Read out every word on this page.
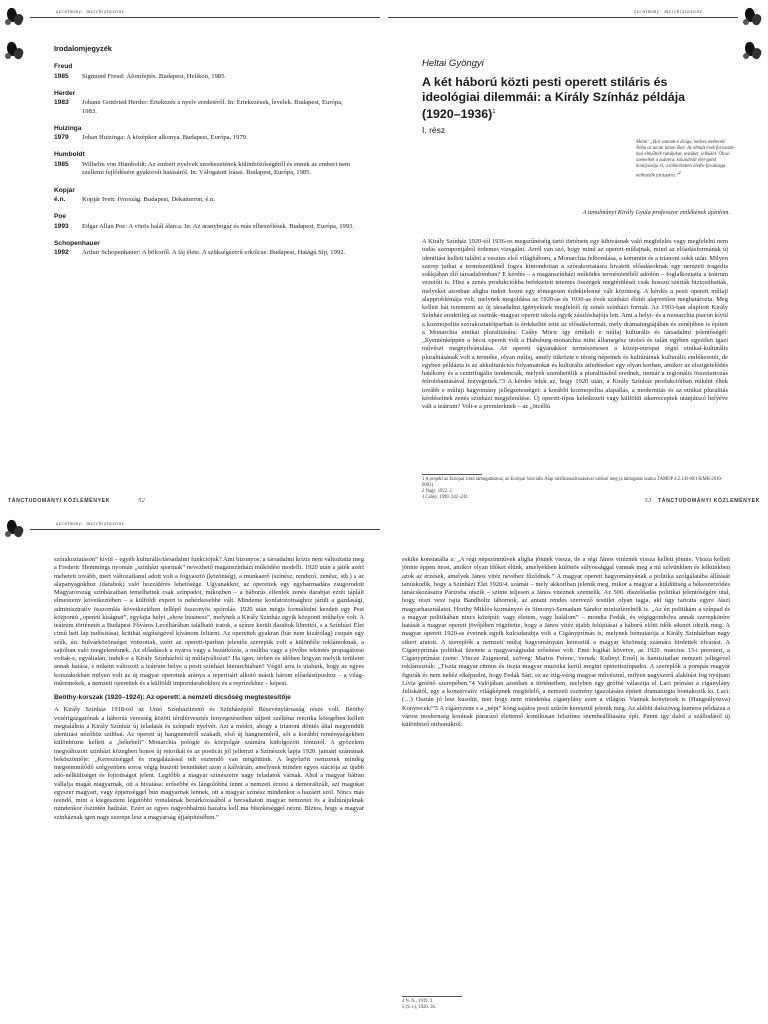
szcnlmmy: mzicbiztazonz
Irodalomjegyzék
Freud
1985	Sigmund Freud: Álomfejtés. Budapest, Helikon, 1985.
Herder
1983	Johann Gottfried Herder: Értekezés a nyelv eredetéről. In: Értekezések, levelek. Budapest, Európa, 1983.
Huizinga
1979	Johan Huizinga: A középkor alkonya. Budapest, Európa, 1979.
Humboldt
1985	Wilhelm von Humboldt: Az emberi nyelvek szerkezetének különbözőségéről és ennek az emberi nem szellemi fejlődésére gyakorolt hatásáról. In: Válogatott írásai. Budapest, Európa, 1985.
Kopjár
é.n.	Kopjár Ivett: Ivország. Budapest, Dekameron, é.n.
Poe
1993	Edgar Allan Poe: A vörös halál álarca. In: Az aranybogár és más elbeszélések. Budapest, Európa, 1993.
Schopenhauer
1992	Arthur Schopenhauer: A bölcsről. A fáj élete. A szükségszerű erkölcse. Budapest, Hatágú Síp, 1992.
TÁNCTUDOMÁNYI KÖZLEMÉNYEK	52
szcnlmmy: mzicbiztazonz
Heltai Gyöngyi
A két háború közti pesti operett stiláris és ideológiai dilemmái: a Király Színház példája (1920–1936)$^1$
I. rész
Mottó: „Hol vannak-e drága, kedves emberek! Néha az utcán látom őket. Az élmúlt évek forrasztó-mai elnyűtték ruhájukat, testüket, lelküket. Olcsó szemeiket a zsánera, kalandvált élet-gond homlyosítja el, a tönkrétetten életbe faradásga nehezedik járásukra.”$^2$
A tanulmányt Király Gyula professzor emlékének ajánlom.

A Király Színház 1920-tól 1936-os megszűnéséig tartó története egy kihívásnak való megfelelés vagy megfelelni nem tudás szempontjából érdemes vizsgálni. Arról van szó, hogy mind az operett-műfajnak, mind az előadásformának új identitást kellett találni a vesztes első világháború, a Monarchia felbomlása, a kommün és a trianoni sokk után. Milyen szerep juthat a természetüknél fogva kimondottan a szórakoztatásra hivatott előadásoknak egy nemzeti tragédia sokkjában élő társadalomban? E kérdés – a magánszínházi működés természetéből adódón – foglalkoztatta a teátrum vezetőit is. Hisz a zenés produkciókba befektetett tetemes összegek megtérülését csak hosszú szériák biztosíthatták, melyeket azonban aligha tudott hozni egy tömegesen érdektelenné vált közönség. A kérdés a pesti operett műfaji alapproblémája volt, melynek megoldása az 1920-as és 1930-as évek színházi életét alapvetően meghatározta. Meg kellett hát teremteni az új társadalmi igényeknek megfelelő új zenés színházi formát. Az 1903-ban alapított Király Színház eredetileg az osztrák–magyar operett iskola egyik zászlóshajója lett. Ami a helyi- és a monarchia piacon kívül a kozmopolita szórakoztatóiparban is érdekeltté tette az előadásformát, mely dramaturgiájában és zenéjében is épített a Monarchia etnikai pluralitására. Csáky Móric így értékeli e műfaj kulturális és társadalmi jelentőségét: „Ilyenténképpen a bécsi operett volt a Habsburg-monarchia mint államegész utolsó és talán egyben egyetlen igazi művészi megnyilvánulása. Az operett ugyanakkor természetesen a közép-európai régió etnikai-kulturális pluralitásának volt a terméke, olyan műfaj, amely tükrözte e térség népeinek és kultúráinak kulturális emlékezetét, de egyben példázta is az akkulturációs folyamatokat és kulturális átfedéseket egy olyan korban, amikor az elszigetelődés hatékony és a centrifugális tendenciák, melyek szembeötlik a pluralitásból erednek, immár a regionális összetartozás felrobbantásával fenyegettek.”3 A kérdés tehát az, hogy 1920 után, a Király Színház produkcióiban miként éltek tovább e műfaji hagyomány jellegzetességei: a korábbi kozmopolita alapállás, a modernitás és az etnikai pluralitás kérdéseinek zenés színházi megjelenítése. Új operett-típus keletkezett vagy külföldi sikerreceptek utánjátszó helyéve vált a teátrum? Volt-e a premierknek – az „ötcéllú

1 A projekt az Európai Unió támogatásával, az Európai Szociális Alap társfinanszírozásával valósul meg (a támogatás száma TÁMOP 4.2.1/B-09/1/KMR-2010-0003).
2 Nagy, 1922. 2.
3 Csáky, 1999. 242–243.
53 TÁNCTUDOMÁNYI KÖZLEMÉNYEK
szcnlmmy: mzicbiztazonz

szórakoztatáson” kívül – egyéb kulturális/társadalmi funkciójuk? Ami bizonyos: a társadalmi krízis nem változtatta meg a Frederic Hemmings nyomán „színházi sparinak” nevezhető magánszínházi működési modellt. 1920 után a játék azért mehetett tovább, mert változatlanul adott volt a fogyasztó (közönség), a munkaerő (színész, rendező, zenész, stb.) s az alapanyagokhoz (darabok) való hozzáférés lehetősége. Ugyanakkor, az operettek egy egyharmadára zsugorodott Magyarország színházaiban temelhettek csak színpadot, mikozben – a háborús elfenlék zenés darabjai ezrét táplált elmeszenv következtében – a külföldi export is nehézkesebbé vált. Mindeme konfatozottsághoz járult a gazdasági, adminisztratív összomlás következtében fellépő összonyös spórolás. 1920 után mégis formálódni kezdett egy Pest központú „operett kiságnat”, egyfajta helyi „show business”, melynek a Király Színház egyik központi műhelye volt. A teátrum történetét a Budapest Főváros Levéltárában található iratok, a színre került darabok librettói, s a Színházi Élet című heti lap tudósításai, kritikái segítségével kívánom feltárni. Az operettek gyakran (bár nem kizárólag) csupán egy szűk, ún. bulvárközönséget vonzottak, ezért az operett-iparban jelentős szerepük volt a különféle reklámoknak, a sajtóban való megjelenésnek. Az előadások a nyárra vagy a bezárkózás, a múltba vagy a jövőbe tekintés propagátorai voltak-e, egyáltalán, indult-e a Király Színházból új műfajváltozat? Ha igen, térben és időben hogyan melyik területet annak hatása, s miként változott a teátrum helye a pesti színházi hierarchiában? Végül arra is utalunk, hogy az egyes korszakokban milyen volt az új magyar operettek aránya a repertoárt alkotó másik három előadástípushoz – a világ- műremekek, a nemzeti operettek és a külföldi importdarabokhoz és a reprízekhez – képest.

Beöthy-korszak (1920–1924): Az operett: a nemzeti dicsőség megtestesítője

A Király Színház 1918-tól az Unió Színháziizemi és Színházépítő Részvénytársaság része volt. Beöthy vezérigazgatónak a háborús veresség között térülérvesztés fenyegetéseiben sújtott szélténa retorika kötegében kellett megtalálnia a Király Színház új feladatát és színpadi nyelvét. Azt a módot, ahogy a trianoni döntés által megrendült identitást nézőhöz sziltbat. Az operett új hangneméről szakadt, első új hangneméről, sőt a korábbi reménységekben különbözne kellett a „békebeli” Monarchia pológie és közpolgár számára kidolgozott tónustól. A győzelem megváltozott színházi közegben honos új retorikát és az poeticát jól jellemzi a Színészek lapja 1920. januári számának beköszöntője: „Keresztséggel és megalázással telt esztendő van mögöttünk. A legyőzött nemzetek mindég megsemmítődő szégyenben soroa végig huszott bennünket azon a kálvárián, amelynek minden egyes stációja az újabb adó-nélküliséget és fojtottságot jelent. Legfőbb a magyar színészetre nagy feladatok várnak. Ahol a magyar bátran vállalja magát magyarnak, ott a hivatása: erősebbé és lángolóbbá tenni a nemzeti érzést a demoralizált, azt magukat egyszer magyart, vagy éppenséggel bún magyarnak lennek, ott a magyar színész mindenkor a hazáért szól. Nincs más teendő, mint a kiegészteni legutóbbi vonalainak bezárkózásából a becsaltatott magyar nemzetet és a kultúrájuknak mindenkor őszintén hadzást. Ezért az egyes nagyobbalmú hazaira kell ma büszkeséggel nézni. Biztos, hogy a magyar színháznak igen nagy szerepe lesz a magyarság újjáépítésében.”

eskike konstatálta a: „A régi népszínművek aligha jönnek vissza, de a régi János vitéznek vissza kellett jönnie. Vissza kellett jönnie éppen most, amikor olyan időket élünk, amelyekben különös súlyossággal vannak meg a mi szívünkben és lelkünkben azok az érzések, amelyek János vitéz nevéhez fűződnek.” A magyar operett hagyományának a politika szolgálatába állítását tanúskodik, hogy a Színházi Élet 1920/4. számát – mely akkoriban jelenik meg, mikor a magyar a küldöttség a békeszerződés tanácskozásaira Párizsba utazik – szinte teljesen a János vitéznek szentelik. Az 500. díszelőadás politikai jelentőségére utal, hogy részt vesz rajta Bandholtz tábornok, az antant rendes szervező testület olyan tagja, aki úgy tartotta egyre Jászi magyarhasználatot, Horthy Miklós kormányzó és Simonyi-Semadam Sándor miniszterelnök is. „Az én politikám a színpad és a magyar politikában nincs középút: vagy életem, vagy halálom” – mondta Fedák, és végiggondolva annak szerepkörére hatását a magyar operett jövőjében rögzítette, hogy a János vitéz újabb felújításai a háború előtti idők sikerét idézik meg. A magyar operett 1920-as éveinek egyik kulcsdarabja volt a Cigányprímás is, melynek bemutatója a Király Színházban nagy sikert aratott. A szereplők a nemzeti műfaj hagyományain keresztül a magyar közönség számára hirdettek elvárást. A Cigányprímás politikai üzenete a magyarságtudat erősítése volt. Eme logikát követve, az 1920. március 13-i premiert, a Cigányprímást (zene: Vincze Zsigmond, szöveg: Martos Ferenc, versek: Kulinyi Ernő) is hamisítatlan nemzeti jellegével reklámozták: „Tiszta magyar ritmus és tiszta magyar muzsika kerül megint operettszínpadra. A szereplők a pompás magyar figurák és nem nehéz elképzelni, hogy Fedák Sári, ez az ízig-vérig magyar művésznő, milyen nagyszerű alakítást fog nyújtani Lívia grófnő szerepében.”4 Valójában azonban a történetben, melyben egy grófné választja el Laci prímást a cigánylány Juliskától, egy a konzervatív világképnek megfelelő, a nemzeti eszmény igazolására épített dramaturgia bontakozik ki. Laci: (…) Osztán jó lesz kusolni, mer hogy nem mindenka cigánylány ezen a világon. Vannak konytecek is (Hangsúlyozva) Konytecek!”5 A cigányzene s a „népi” kóng sajátos pesti szűrőn keresztül jelenik meg. Az alábbi dalszöveg humora példázza a városi modernség korának párarázó élettemő komikusan felszínes szembeállítására épít. Panni így dalol a szállodától új különböző otthonukról:

4 N. N., 1919. 3.
5 (S. r.), 1920. 36.
